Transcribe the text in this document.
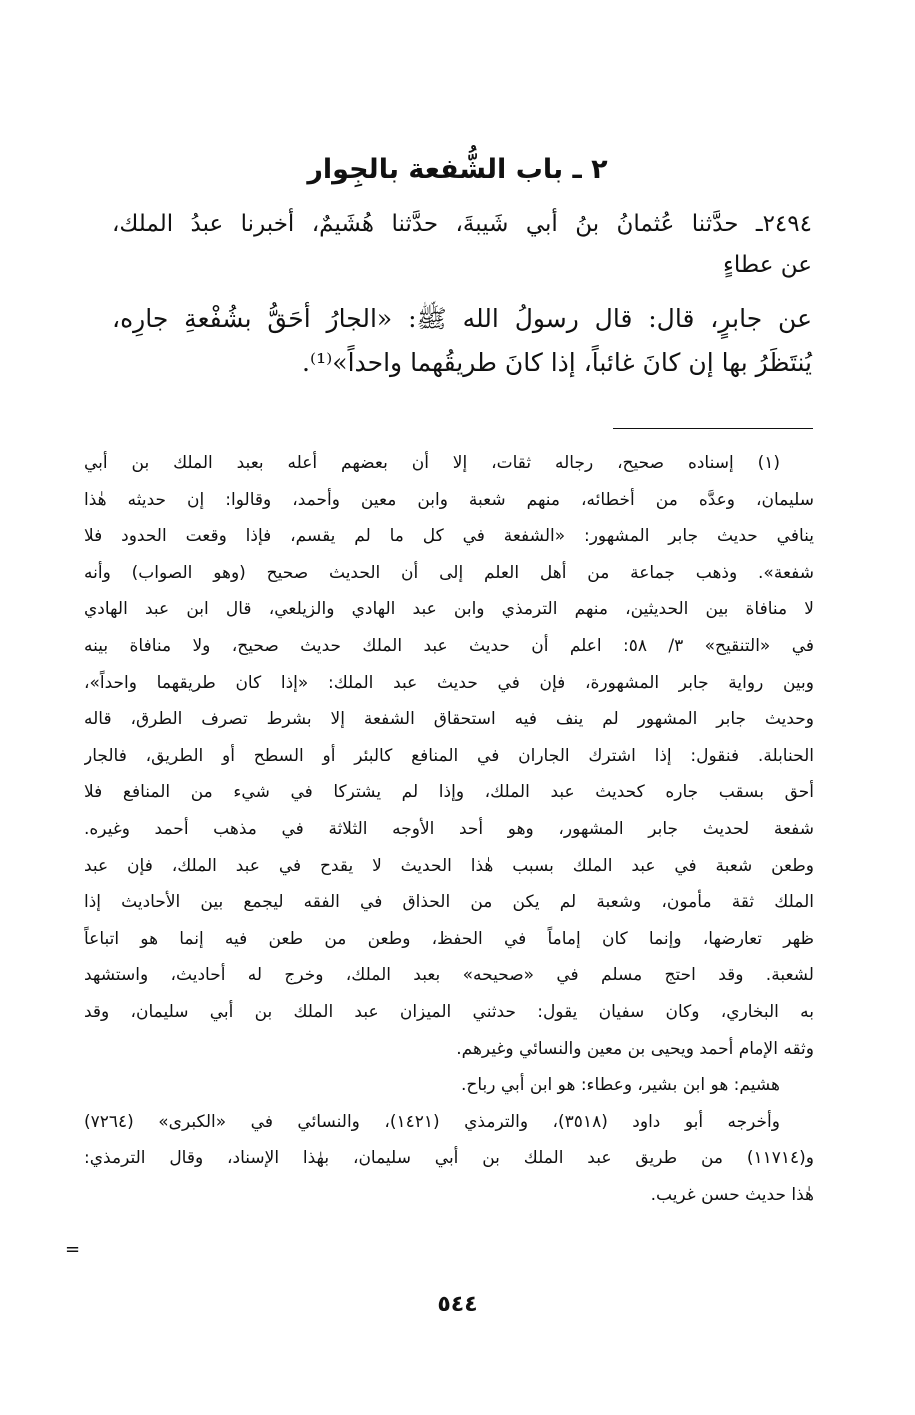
٢ ـ باب الشُّفعة بالجِوار
٢٤٩٤ـ حدَّثنا عُثمانُ بنُ أبي شَيبةَ، حدَّثنا هُشَيمٌ، أخبرنا عبدُ الملك،
عن عطاءٍ
عن جابرٍ، قال: قال رسولُ الله ﷺ: «الجارُ أحَقُّ بشُفْعةِ جارِه،
يُنتَظَرُ بها إن كانَ غائباً، إذا كانَ طريقُهما واحداً»⁽¹⁾.
(١) إسناده صحيح، رجاله ثقات، إلا أن بعضهم أعله بعبد الملك بن أبي
سليمان، وعدَّه من أخطائه، منهم شعبة وابن معين وأحمد، وقالوا: إن حديثه هٰذا
ينافي حديث جابر المشهور: «الشفعة في كل ما لم يقسم، فإذا وقعت الحدود فلا
شفعة». وذهب جماعة من أهل العلم إلى أن الحديث صحيح (وهو الصواب) وأنه
لا منافاة بين الحديثين، منهم الترمذي وابن عبد الهادي والزيلعي، قال ابن عبد الهادي
في «التنقيح» ٣/ ٥٨: اعلم أن حديث عبد الملك حديث صحيح، ولا منافاة بينه
وبين رواية جابر المشهورة، فإن في حديث عبد الملك: «إذا كان طريقهما واحداً»،
وحديث جابر المشهور لم ينف فيه استحقاق الشفعة إلا بشرط تصرف الطرق، قاله
الحنابلة. فنقول: إذا اشترك الجاران في المنافع كالبئر أو السطح أو الطريق، فالجار
أحق بسقب جاره كحديث عبد الملك، وإذا لم يشتركا في شيء من المنافع فلا
شفعة لحديث جابر المشهور، وهو أحد الأوجه الثلاثة في مذهب أحمد وغيره.
وطعن شعبة في عبد الملك بسبب هٰذا الحديث لا يقدح في عبد الملك، فإن عبد
الملك ثقة مأمون، وشعبة لم يكن من الحذاق في الفقه ليجمع بين الأحاديث إذا
ظهر تعارضها، وإنما كان إماماً في الحفظ، وطعن من طعن فيه إنما هو اتباعاً
لشعبة. وقد احتج مسلم في «صحيحه» بعبد الملك، وخرج له أحاديث، واستشهد
به البخاري، وكان سفيان يقول: حدثني الميزان عبد الملك بن أبي سليمان، وقد
وثقه الإمام أحمد ويحيى بن معين والنسائي وغيرهم.
هشيم: هو ابن بشير، وعطاء: هو ابن أبي رباح.
وأخرجه أبو داود (٣٥١٨)، والترمذي (١٤٢١)، والنسائي في «الكبرى» (٧٢٦٤)
و(١١٧١٤) من طريق عبد الملك بن أبي سليمان، بهٰذا الإسناد، وقال الترمذي:
هٰذا حديث حسن غريب.
=
٥٤٤
